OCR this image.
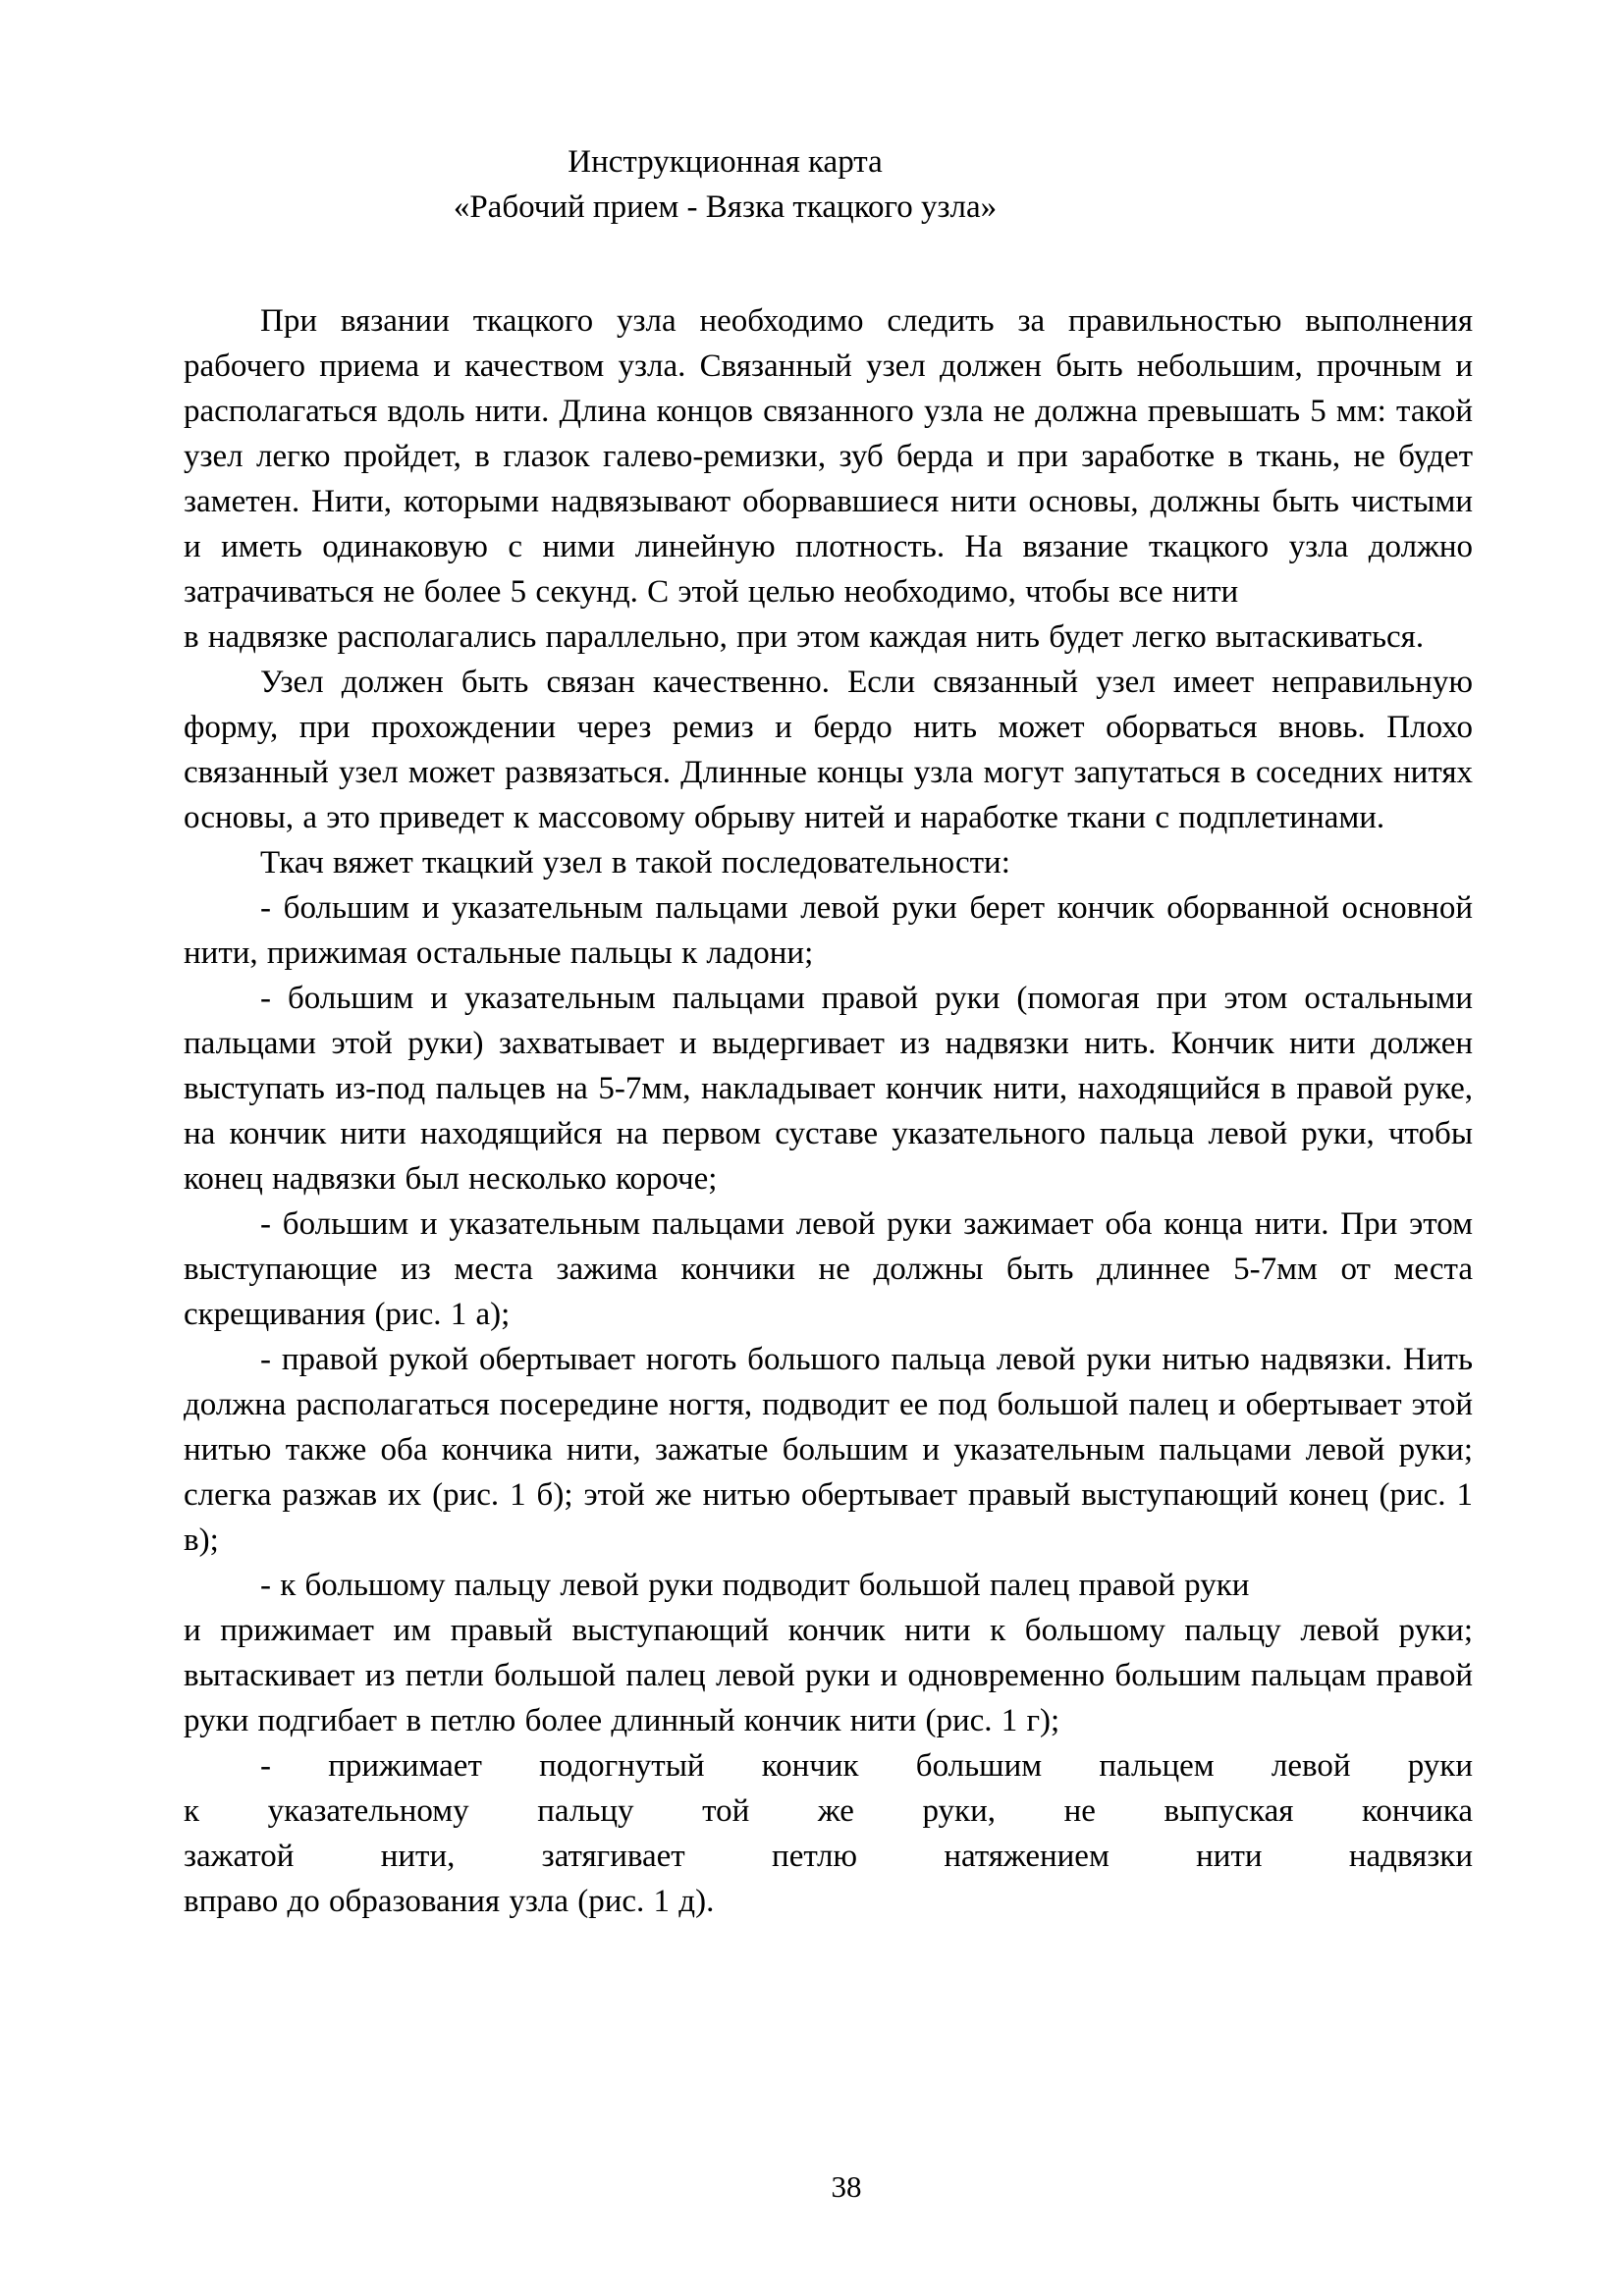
Инструкционная карта
«Рабочий прием - Вязка ткацкого узла»
При вязании ткацкого узла необходимо следить за правильностью выполнения рабочего приема и качеством узла. Связанный узел должен быть небольшим, прочным и располагаться вдоль нити. Длина концов связанного узла не должна превышать 5 мм: такой узел легко пройдет, в глазок галево-ремизки, зуб берда и при заработке в ткань, не будет заметен. Нити, которыми надвязывают оборвавшиеся нити основы, должны быть чистыми и иметь одинаковую с ними линейную плотность. На вязание ткацкого узла должно затрачиваться не более 5 секунд. С этой целью необходимо, чтобы все нити
в надвязке располагались параллельно, при этом каждая нить будет легко вытаскиваться.
Узел должен быть связан качественно. Если связанный узел имеет неправильную форму, при прохождении через ремиз и бердо нить может оборваться вновь. Плохо связанный узел может развязаться. Длинные концы узла могут запутаться в соседних нитях основы, а это приведет к массовому обрыву нитей и наработке ткани с подплетинами.
Ткач вяжет ткацкий узел в такой последовательности:
- большим и указательным пальцами левой руки берет кончик оборванной основной нити, прижимая остальные пальцы к ладони;
- большим и указательным пальцами правой руки (помогая при этом остальными пальцами этой руки) захватывает и выдергивает из надвязки нить. Кончик нити должен выступать из-под пальцев на 5-7мм, накладывает кончик нити, находящийся в правой руке, на кончик нити находящийся на первом суставе указательного пальца левой руки, чтобы конец надвязки был несколько короче;
- большим и указательным пальцами левой руки зажимает оба конца нити. При этом выступающие из места зажима кончики не должны быть длиннее 5-7мм от места скрещивания (рис. 1 а);
- правой рукой обертывает ноготь большого пальца левой руки нитью надвязки. Нить должна располагаться посередине ногтя, подводит ее под большой палец и обертывает этой нитью также оба кончика нити, зажатые большим и указательным пальцами левой руки; слегка разжав их (рис. 1 б); этой же нитью обертывает правый выступающий конец (рис. 1 в);
- к большому пальцу левой руки подводит большой палец правой руки
и прижимает им правый выступающий кончик нити к большому пальцу левой руки; вытаскивает из петли большой палец левой руки и одновременно большим пальцам правой руки подгибает в петлю более длинный кончик нити (рис. 1 г);
- прижимает подогнутый кончик большим пальцем левой руки
к указательному пальцу той же руки, не выпуская кончика
зажатой нити, затягивает петлю натяжением нити надвязки
вправо до образования узла (рис. 1 д).
38
